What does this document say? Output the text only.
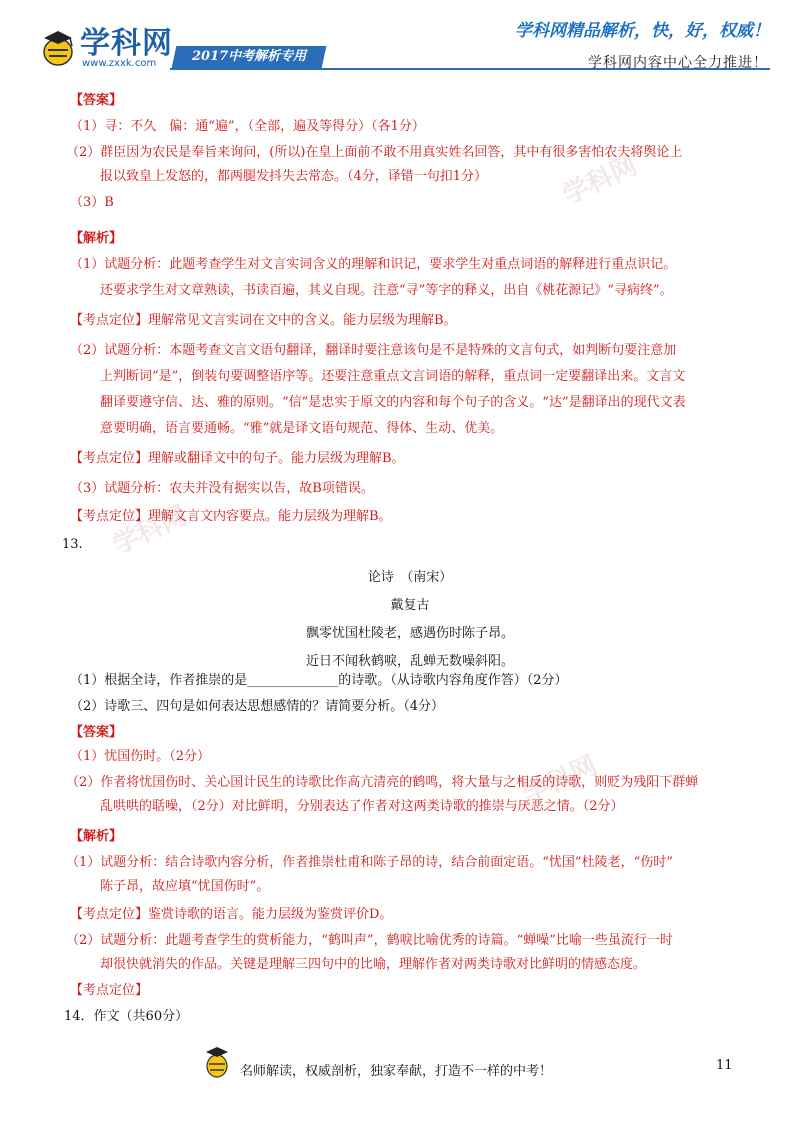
学科网
学科网
学科网
学科网
www.zxxk.com	2017中考解析专用
学科网精品解析，快，好，权威！
学科网内容中心全力推进！
【答案】
（1）寻：不久　偏：通“遍”，（全部，遍及等得分）（各1分）
（2）群臣因为农民是奉旨来询问，(所以)在皇上面前不敢不用真实姓名回答，其中有很多害怕农夫将舆论上
报以致皇上发怒的，都两腿发抖失去常态。（4分，译错一句扣1分）
（3）B
【解析】
（1）试题分析：此题考查学生对文言实词含义的理解和识记，要求学生对重点词语的解释进行重点识记。
还要求学生对文章熟读，书读百遍，其义自现。注意“寻”等字的释义，出自《桃花源记》“寻病终”。
【考点定位】理解常见文言实词在文中的含义。能力层级为理解B。
（2）试题分析：本题考查文言文语句翻译，翻译时要注意该句是不是特殊的文言句式，如判断句要注意加
上判断词“是”，倒装句要调整语序等。还要注意重点文言词语的解释，重点词一定要翻译出来。文言文
翻译要遵守信、达、雅的原则。“信”是忠实于原文的内容和每个句子的含义。“达”是翻译出的现代文表
意要明确，语言要通畅。“雅”就是译文语句规范、得体、生动、优美。
【考点定位】理解或翻译文中的句子。能力层级为理解B。
（3）试题分析：农夫并没有据实以告，故B项错误。
【考点定位】理解文言文内容要点。能力层级为理解B。
13.
论诗　（南宋）
戴复古
飘零忧国杜陵老，感遇伤时陈子昂。
近日不闻秋鹤唳，乱蝉无数噪斜阳。
（1）根据全诗，作者推崇的是______________的诗歌。（从诗歌内容角度作答）（2分）
（2）诗歌三、四句是如何表达思想感情的？请简要分析。（4分）
【答案】
（1）忧国伤时。（2分）
（2）作者将忧国伤时、关心国计民生的诗歌比作高亢清亮的鹤鸣，将大量与之相反的诗歌，则贬为残阳下群蝉
乱哄哄的聒噪，（2分）对比鲜明，分别表达了作者对这两类诗歌的推崇与厌恶之情。（2分）
【解析】
（1）试题分析：结合诗歌内容分析，作者推崇杜甫和陈子昂的诗，结合前面定语。“忧国”杜陵老，“伤时”
陈子昂，故应填“忧国伤时”。
【考点定位】鉴赏诗歌的语言。能力层级为鉴赏评价D。
（2）试题分析：此题考查学生的赏析能力，“鹤叫声”，鹤唳比喻优秀的诗篇。“蝉噪”比喻一些虽流行一时
却很快就消失的作品。关键是理解三四句中的比喻，理解作者对两类诗歌对比鲜明的情感态度。
【考点定位】
14．作文（共60分）
名师解读，权威剖析，独家奉献，打造不一样的中考！	11
